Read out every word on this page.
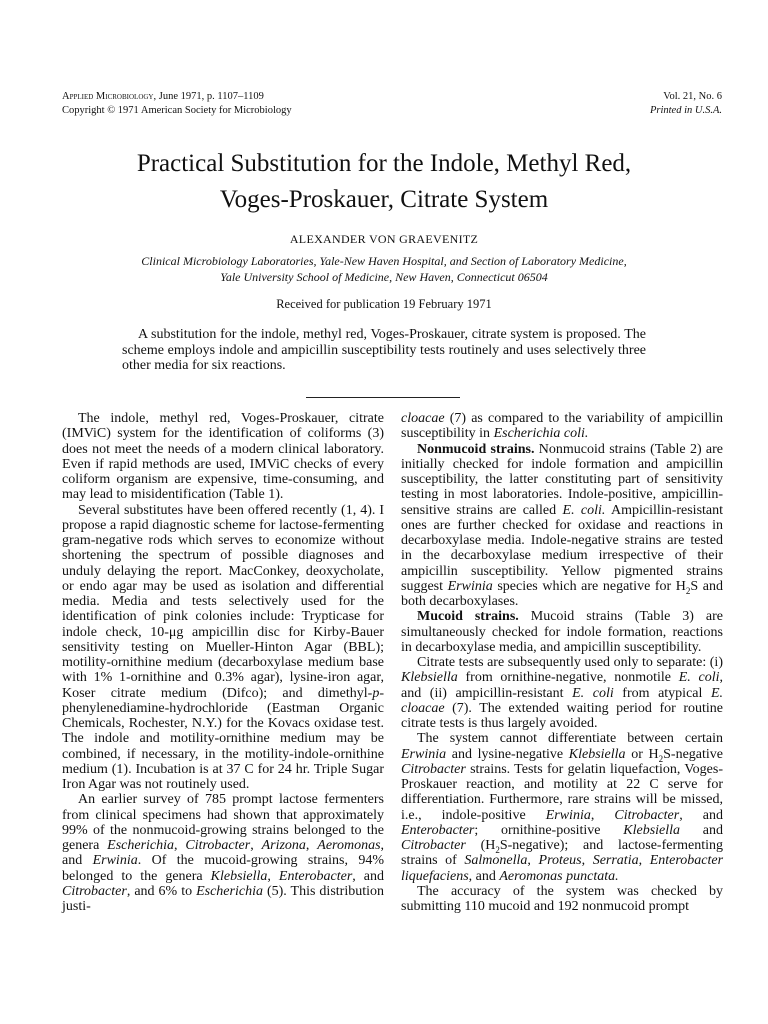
Applied Microbiology, June 1971, p. 1107–1109
Copyright © 1971 American Society for Microbiology
Vol. 21, No. 6
Printed in U.S.A.
Practical Substitution for the Indole, Methyl Red,
Voges-Proskauer, Citrate System
ALEXANDER VON GRAEVENITZ
Clinical Microbiology Laboratories, Yale-New Haven Hospital, and Section of Laboratory Medicine,
Yale University School of Medicine, New Haven, Connecticut 06504
Received for publication 19 February 1971

A substitution for the indole, methyl red, Voges-Proskauer, citrate system is proposed. The scheme employs indole and ampicillin susceptibility tests routinely and uses selectively three other media for six reactions.

The indole, methyl red, Voges-Proskauer, citrate (IMViC) system for the identification of coliforms (3) does not meet the needs of a modern clinical laboratory. Even if rapid methods are used, IMViC checks of every coliform organism are expensive, time-consuming, and may lead to misidentification (Table 1).

Several substitutes have been offered recently (1, 4). I propose a rapid diagnostic scheme for lactose-fermenting gram-negative rods which serves to economize without shortening the spectrum of possible diagnoses and unduly delaying the report. MacConkey, deoxycholate, or endo agar may be used as isolation and differential media. Media and tests selectively used for the identification of pink colonies include: Trypticase for indole check, 10-μg ampicillin disc for Kirby-Bauer sensitivity testing on Mueller-Hinton Agar (BBL); motility-ornithine medium (decarboxylase medium base with 1% 1-ornithine and 0.3% agar), lysine-iron agar, Koser citrate medium (Difco); and dimethyl-p-phenylenediamine-hydrochloride (Eastman Organic Chemicals, Rochester, N.Y.) for the Kovacs oxidase test. The indole and motility-ornithine medium may be combined, if necessary, in the motility-indole-ornithine medium (1). Incubation is at 37 C for 24 hr. Triple Sugar Iron Agar was not routinely used.

An earlier survey of 785 prompt lactose fermenters from clinical specimens had shown that approximately 99% of the nonmucoid-growing strains belonged to the genera Escherichia, Citrobacter, Arizona, Aeromonas, and Erwinia. Of the mucoid-growing strains, 94% belonged to the genera Klebsiella, Enterobacter, and Citrobacter, and 6% to Escherichia (5). This distribution justi-

cloacae (7) as compared to the variability of ampicillin susceptibility in Escherichia coli.

Nonmucoid strains. Nonmucoid strains (Table 2) are initially checked for indole formation and ampicillin susceptibility, the latter constituting part of sensitivity testing in most laboratories. Indole-positive, ampicillin-sensitive strains are called E. coli. Ampicillin-resistant ones are further checked for oxidase and reactions in decarboxylase media. Indole-negative strains are tested in the decarboxylase medium irrespective of their ampicillin susceptibility. Yellow pigmented strains suggest Erwinia species which are negative for $H_2S$ and both decarboxylases.

Mucoid strains. Mucoid strains (Table 3) are simultaneously checked for indole formation, reactions in decarboxylase media, and ampicillin susceptibility.

Citrate tests are subsequently used only to separate: (i) Klebsiella from ornithine-negative, nonmotile E. coli, and (ii) ampicillin-resistant E. coli from atypical E. cloacae (7). The extended waiting period for routine citrate tests is thus largely avoided.

The system cannot differentiate between certain Erwinia and lysine-negative Klebsiella or $H_2S$-negative Citrobacter strains. Tests for gelatin liquefaction, Voges-Proskauer reaction, and motility at 22 C serve for differentiation. Furthermore, rare strains will be missed, i.e., indole-positive Erwinia, Citrobacter, and Enterobacter; ornithine-positive Klebsiella and Citrobacter $(H_2S-negative)$; and lactose-fermenting strains of Salmonella, Proteus, Serratia, Enterobacter liquefaciens, and Aeromonas punctata.

The accuracy of the system was checked by submitting 110 mucoid and 192 nonmucoid prompt
